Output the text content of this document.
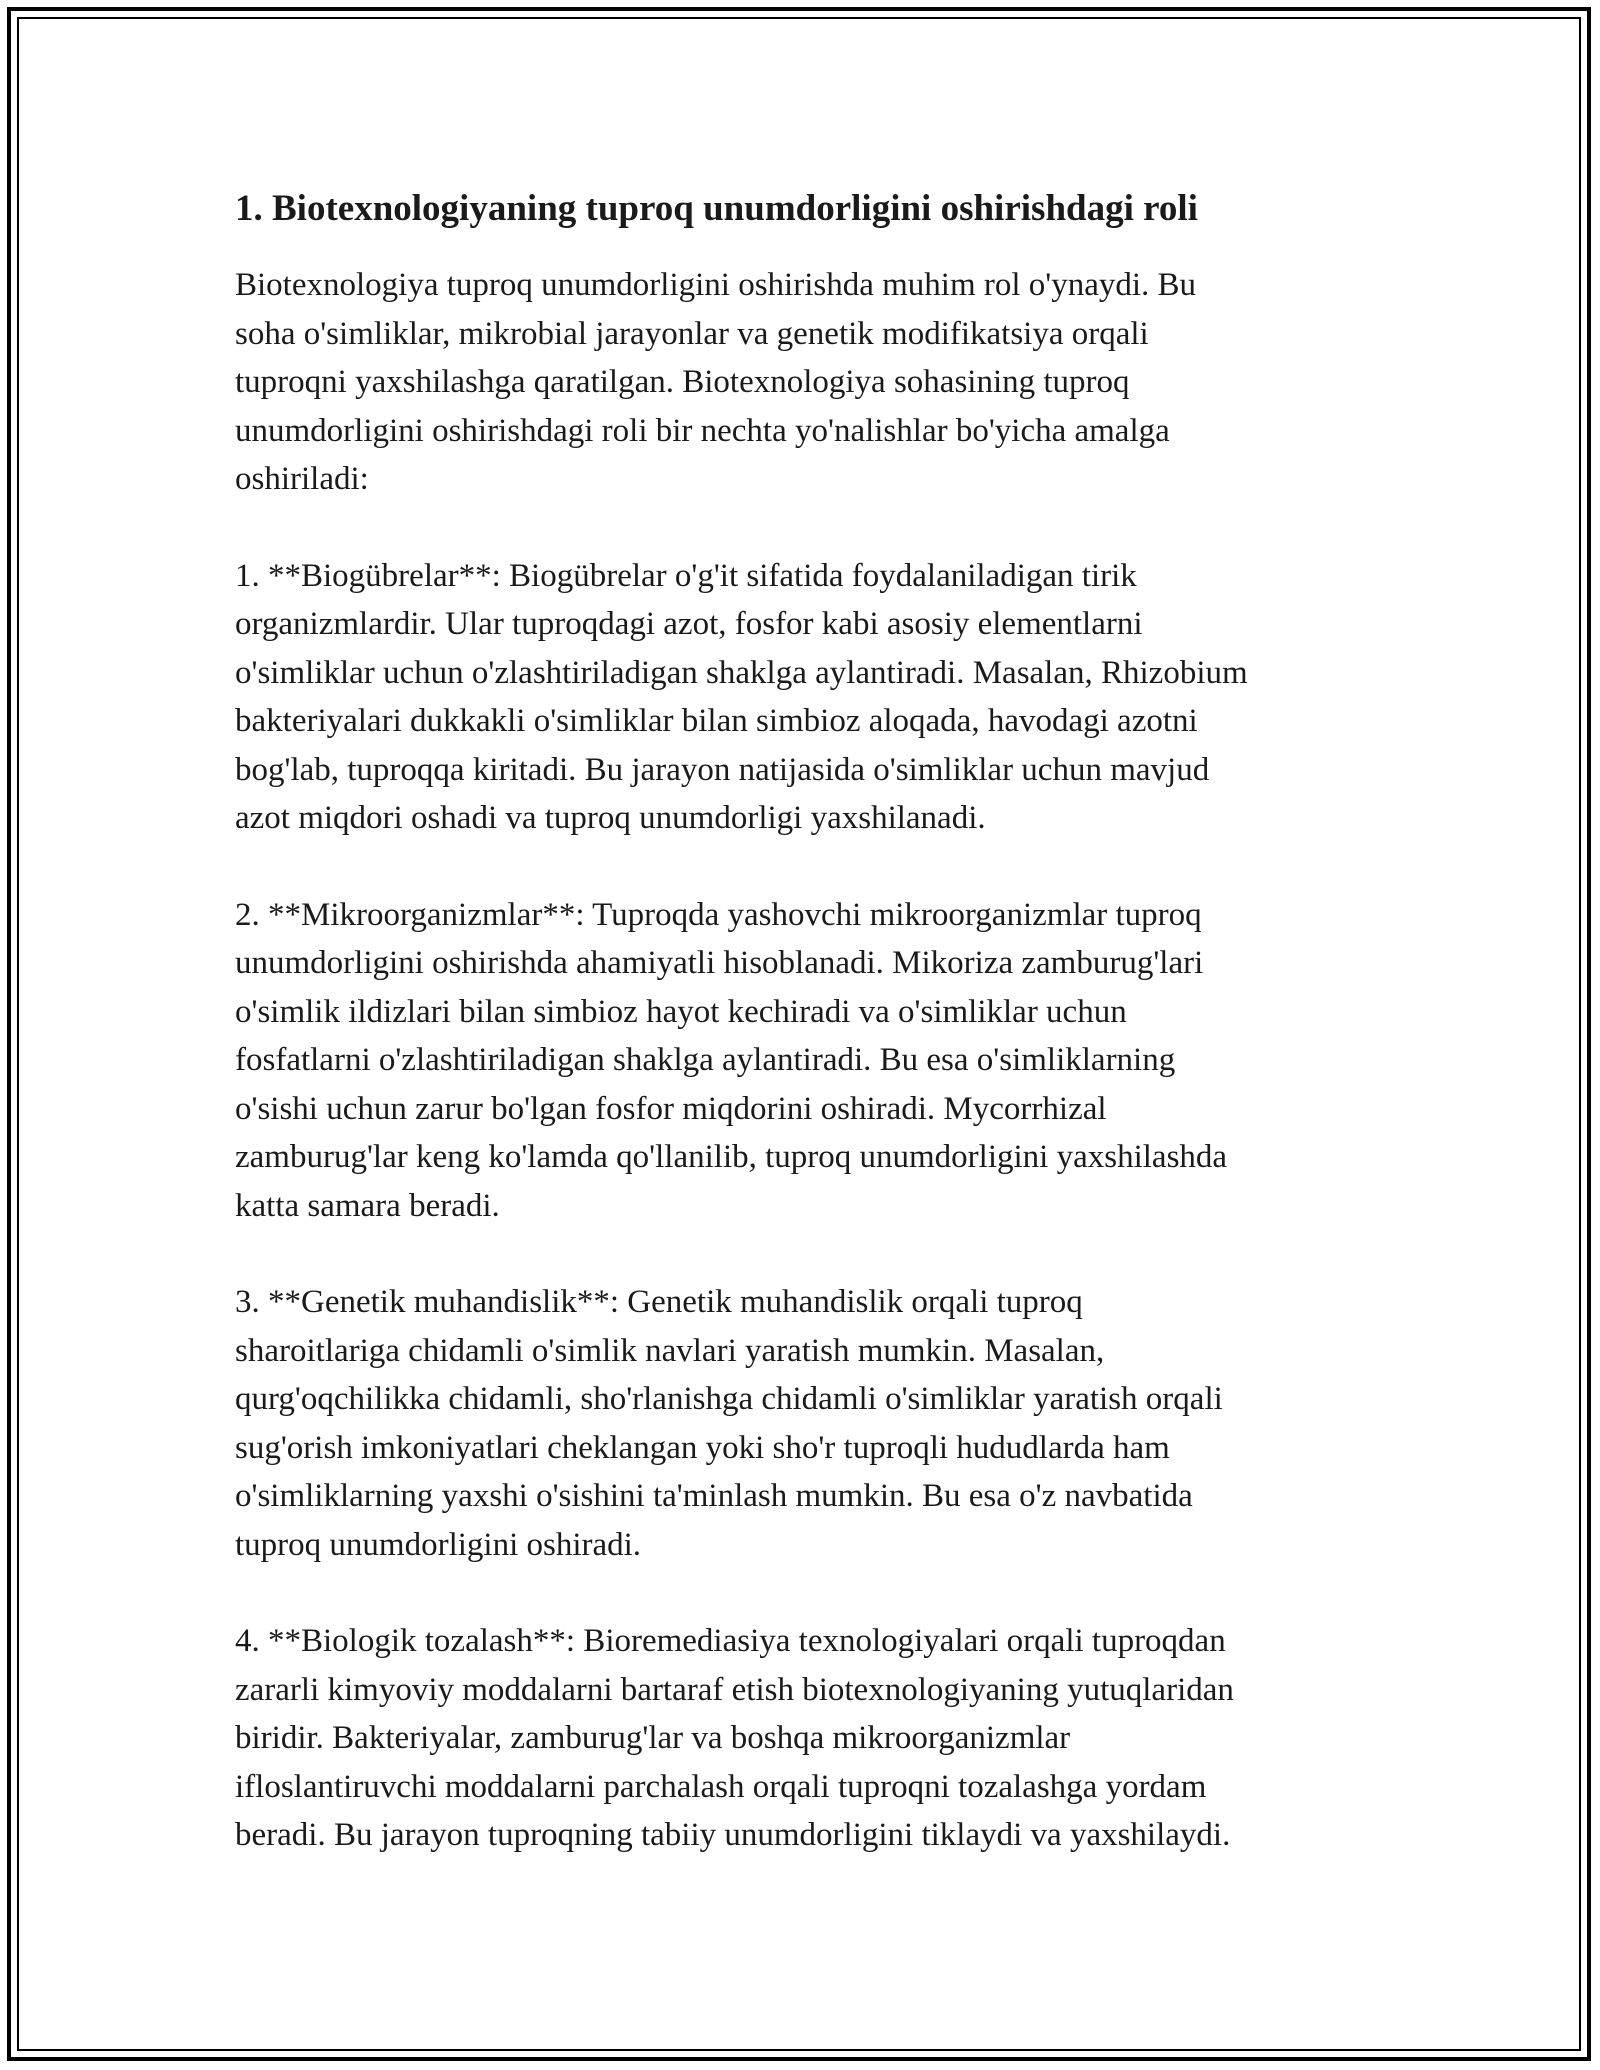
1. Biotexnologiyaning tuproq unumdorligini oshirishdagi roli

Biotexnologiya tuproq unumdorligini oshirishda muhim rol o'ynaydi. Bu
soha o'simliklar, mikrobial jarayonlar va genetik modifikatsiya orqali
tuproqni yaxshilashga qaratilgan. Biotexnologiya sohasining tuproq
unumdorligini oshirishdagi roli bir nechta yo'nalishlar bo'yicha amalga
oshiriladi:

1. **Biogübrelar**: Biogübrelar o'g'it sifatida foydalaniladigan tirik
organizmlardir. Ular tuproqdagi azot, fosfor kabi asosiy elementlarni
o'simliklar uchun o'zlashtiriladigan shaklga aylantiradi. Masalan, Rhizobium
bakteriyalari dukkakli o'simliklar bilan simbioz aloqada, havodagi azotni
bog'lab, tuproqqa kiritadi. Bu jarayon natijasida o'simliklar uchun mavjud
azot miqdori oshadi va tuproq unumdorligi yaxshilanadi.

2. **Mikroorganizmlar**: Tuproqda yashovchi mikroorganizmlar tuproq
unumdorligini oshirishda ahamiyatli hisoblanadi. Mikoriza zamburug'lari
o'simlik ildizlari bilan simbioz hayot kechiradi va o'simliklar uchun
fosfatlarni o'zlashtiriladigan shaklga aylantiradi. Bu esa o'simliklarning
o'sishi uchun zarur bo'lgan fosfor miqdorini oshiradi. Mycorrhizal
zamburug'lar keng ko'lamda qo'llanilib, tuproq unumdorligini yaxshilashda
katta samara beradi.

3. **Genetik muhandislik**: Genetik muhandislik orqali tuproq
sharoitlariga chidamli o'simlik navlari yaratish mumkin. Masalan,
qurg'oqchilikka chidamli, sho'rlanishga chidamli o'simliklar yaratish orqali
sug'orish imkoniyatlari cheklangan yoki sho'r tuproqli hududlarda ham
o'simliklarning yaxshi o'sishini ta'minlash mumkin. Bu esa o'z navbatida
tuproq unumdorligini oshiradi.

4. **Biologik tozalash**: Bioremediasiya texnologiyalari orqali tuproqdan
zararli kimyoviy moddalarni bartaraf etish biotexnologiyaning yutuqlaridan
biridir. Bakteriyalar, zamburug'lar va boshqa mikroorganizmlar
ifloslantiruvchi moddalarni parchalash orqali tuproqni tozalashga yordam
beradi. Bu jarayon tuproqning tabiiy unumdorligini tiklaydi va yaxshilaydi.
